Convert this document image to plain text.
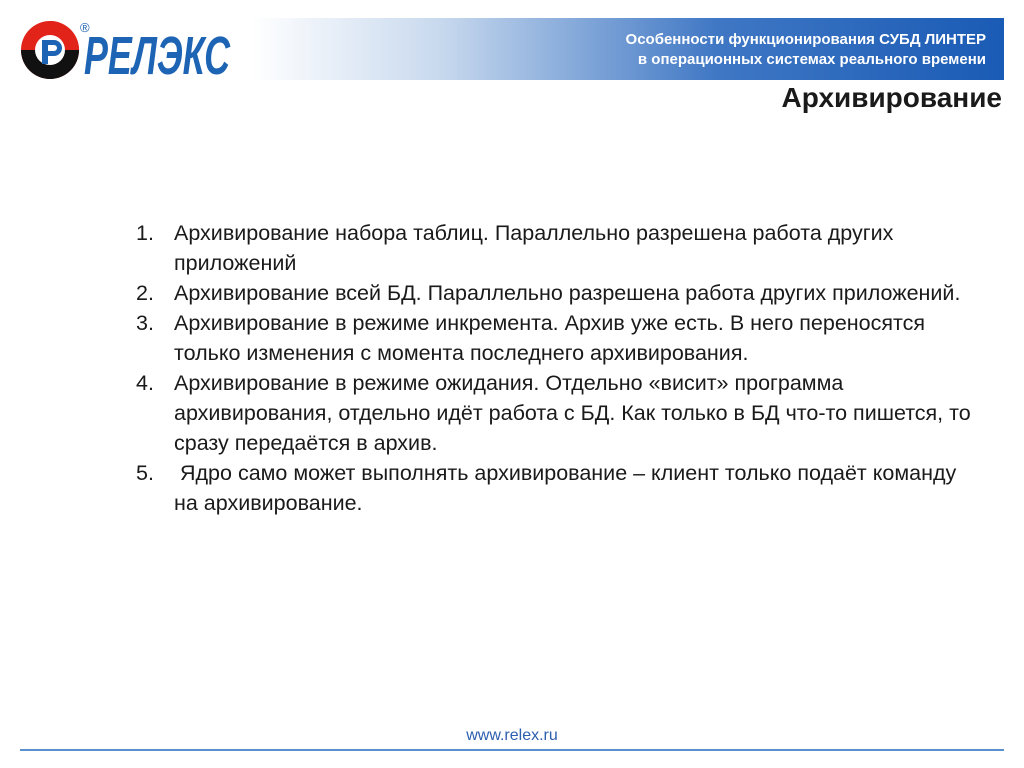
РЕЛЭКС
®
Особенности функционирования СУБД ЛИНТЕР
в операционных системах реального времени
Архивирование
1. Архивирование набора таблиц. Параллельно разрешена работа других приложений
2. Архивирование всей БД. Параллельно разрешена работа других приложений.
3. Архивирование в режиме инкремента. Архив уже есть. В него переносятся только изменения с момента последнего архивирования.
4. Архивирование в режиме ожидания. Отдельно «висит» программа архивирования, отдельно идёт работа с БД. Как только в БД что-то пишется, то сразу передаётся в архив.
5. Ядро само может выполнять архивирование – клиент только подаёт команду на архивирование.
www.relex.ru
